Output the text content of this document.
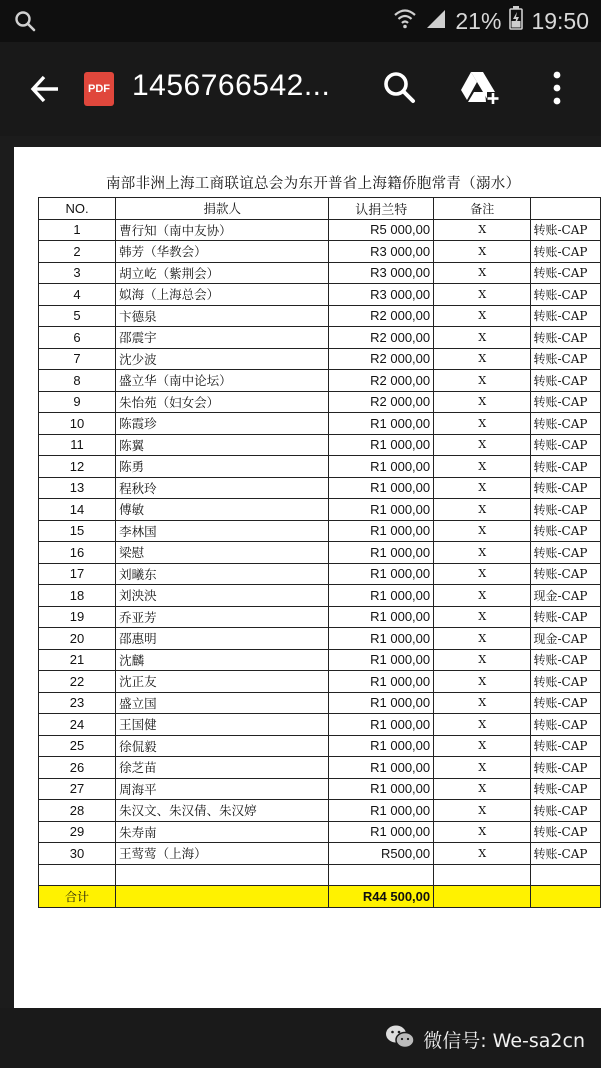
21% 19:50
PDF 1456766542...
南部非洲上海工商联谊总会为东开普省上海籍侨胞常青（溺水）
NO.	捐款人	认捐兰特	备注	
1	曹行知（南中友协）	R5 000,00	X	转账-CAP
2	韩芳（华教会）	R3 000,00	X	转账-CAP
3	胡立屹（紫荆会）	R3 000,00	X	转账-CAP
4	姒海（上海总会）	R3 000,00	X	转账-CAP
5	卞德泉	R2 000,00	X	转账-CAP
6	邵震宇	R2 000,00	X	转账-CAP
7	沈少波	R2 000,00	X	转账-CAP
8	盛立华（南中论坛）	R2 000,00	X	转账-CAP
9	朱怡苑（妇女会）	R2 000,00	X	转账-CAP
10	陈霞珍	R1 000,00	X	转账-CAP
11	陈翼	R1 000,00	X	转账-CAP
12	陈勇	R1 000,00	X	转账-CAP
13	程秋玲	R1 000,00	X	转账-CAP
14	傅敏	R1 000,00	X	转账-CAP
15	李林国	R1 000,00	X	转账-CAP
16	梁慰	R1 000,00	X	转账-CAP
17	刘曦东	R1 000,00	X	转账-CAP
18	刘泱泱	R1 000,00	X	现金-CAP
19	乔亚芳	R1 000,00	X	转账-CAP
20	邵惠明	R1 000,00	X	现金-CAP
21	沈麟	R1 000,00	X	转账-CAP
22	沈正友	R1 000,00	X	转账-CAP
23	盛立国	R1 000,00	X	转账-CAP
24	王国健	R1 000,00	X	转账-CAP
25	徐侃毅	R1 000,00	X	转账-CAP
26	徐芝苗	R1 000,00	X	转账-CAP
27	周海平	R1 000,00	X	转账-CAP
28	朱汉文、朱汉倩、朱汉婷	R1 000,00	X	转账-CAP
29	朱寿南	R1 000,00	X	转账-CAP
30	王莺莺（上海）	R500,00	X	转账-CAP

合计		R44 500,00		
微信号: We-sa2cn
